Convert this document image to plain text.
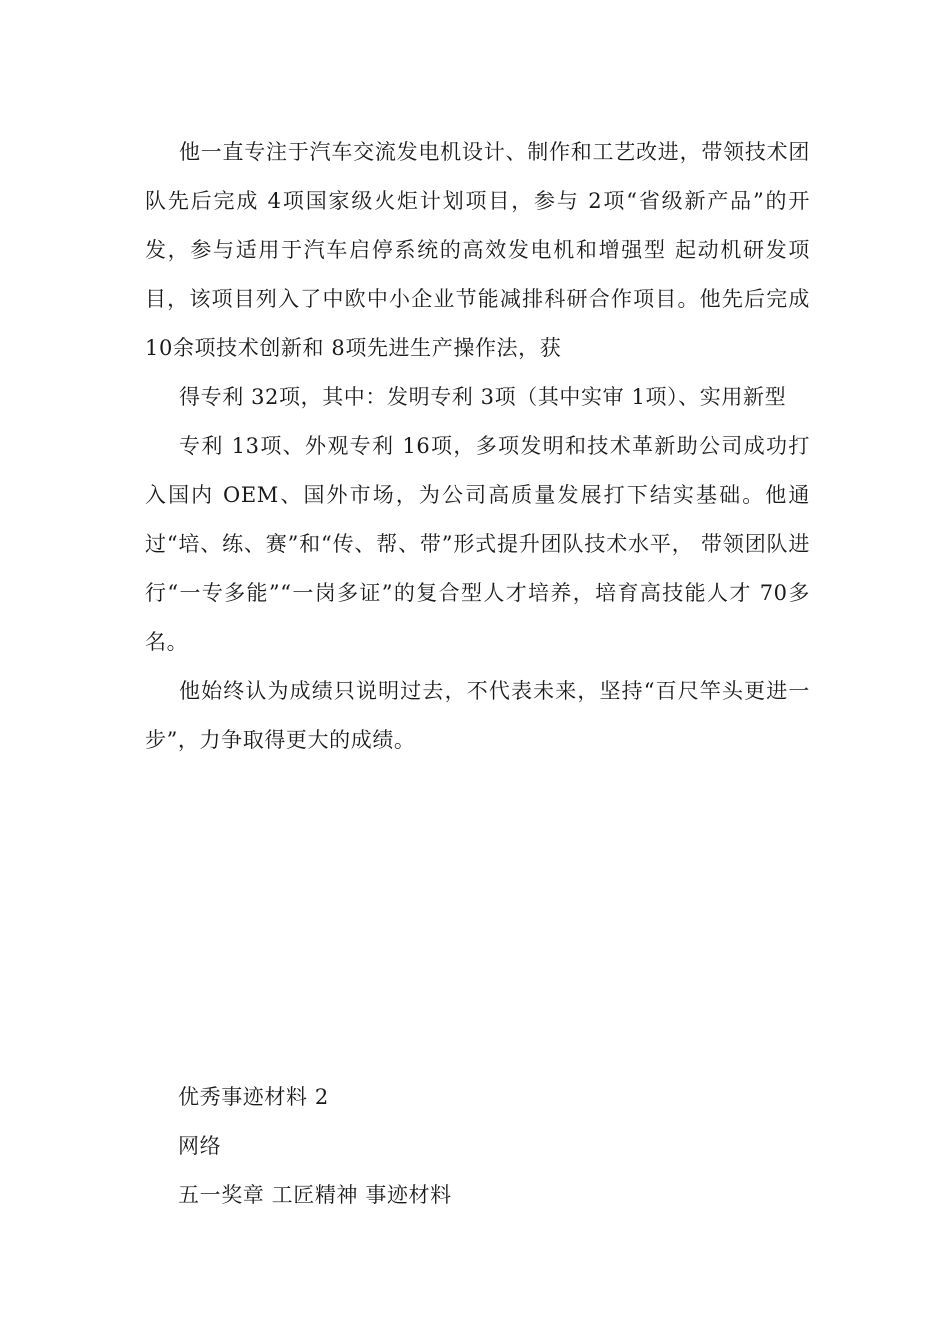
他一直专注于汽车交流发电机设计、制作和工艺改进，带领技术团队先后完成 4项国家级火炬计划项目，参与 2项“省级新产品”的开发，参与适用于汽车启停系统的高效发电机和增强型 起动机研发项目，该项目列入了中欧中小企业节能减排科研合作项目。他先后完成 10余项技术创新和 8项先进生产操作法，获

得专利 32项，其中：发明专利 3项（其中实审 1项）、实用新型

专利 13项、外观专利 16项，多项发明和技术革新助公司成功打入国内 OEM、国外市场，为公司高质量发展打下结实基础。他通过“培、练、赛”和“传、帮、带”形式提升团队技术水平， 带领团队进行“一专多能”“一岗多证”的复合型人才培养，培育高技能人才 70多名。

他始终认为成绩只说明过去，不代表未来，坚持“百尺竿头更进一步”，力争取得更大的成绩。

优秀事迹材料 2

网络

五一奖章 工匠精神 事迹材料
